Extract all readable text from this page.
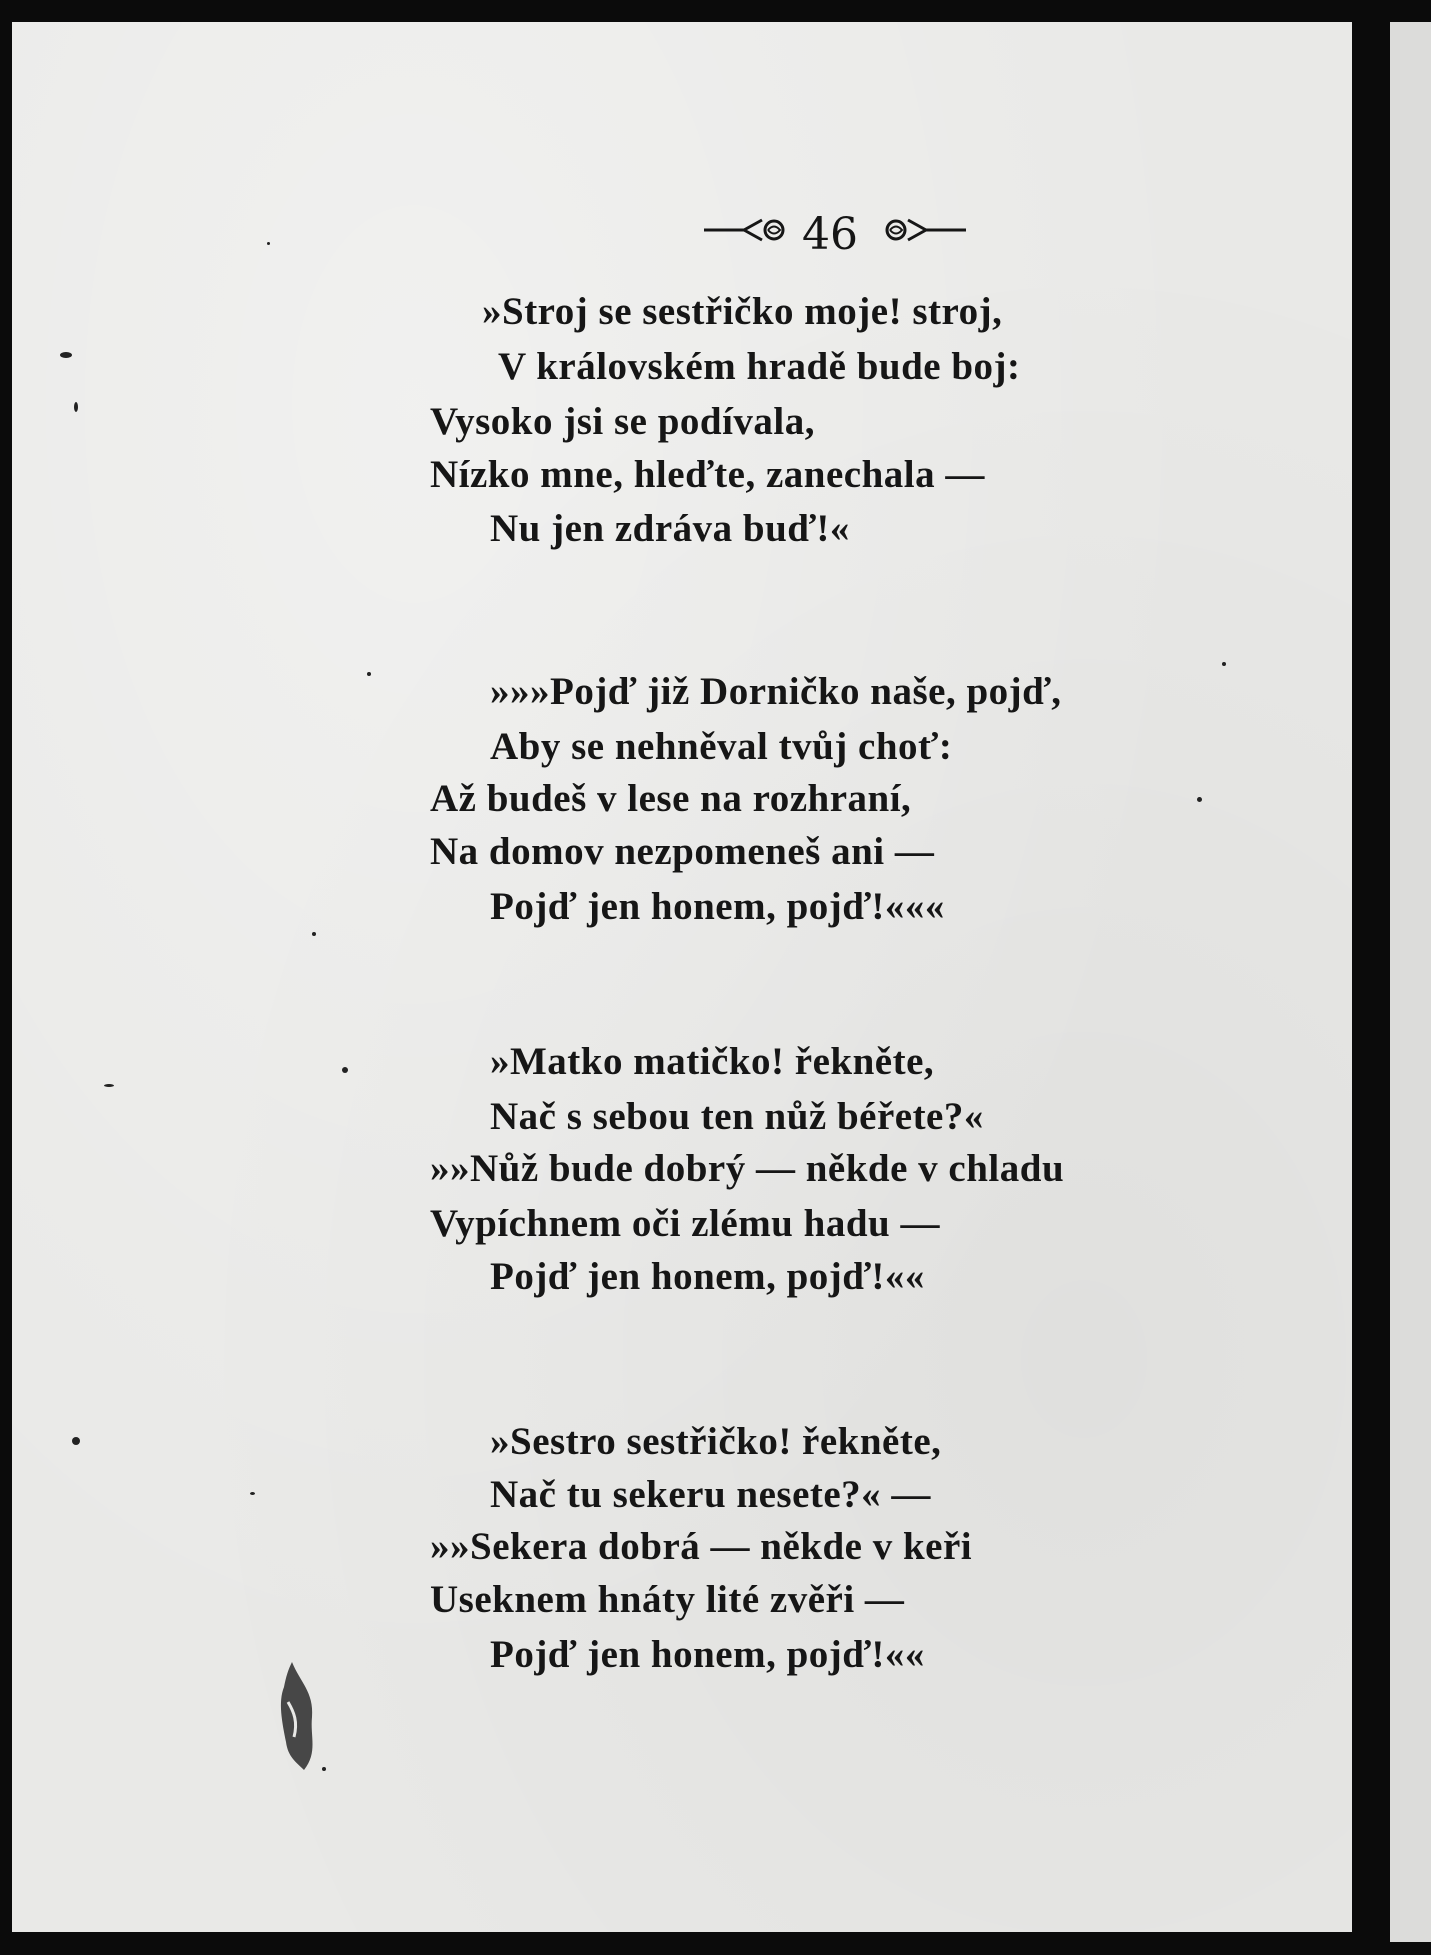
46
»Stroj se sestřičko moje! stroj,
V královském hradě bude boj:
Vysoko jsi se podívala,
Nízko mne, hleďte, zanechala —
Nu jen zdráva buď!«
»»»Pojď již Dorničko naše, pojď,
Aby se nehněval tvůj choť:
Až budeš v lese na rozhraní,
Na domov nezpomeneš ani —
Pojď jen honem, pojď!«««
»Matko matičko! řekněte,
Nač s sebou ten nůž béřete?«
»»Nůž bude dobrý — někde v chladu
Vypíchnem oči zlému hadu —
Pojď jen honem, pojď!««
»Sestro sestřičko! řekněte,
Nač tu sekeru nesete?« —
»»Sekera dobrá — někde v keři
Useknem hnáty lité zvěři —
Pojď jen honem, pojď!««
